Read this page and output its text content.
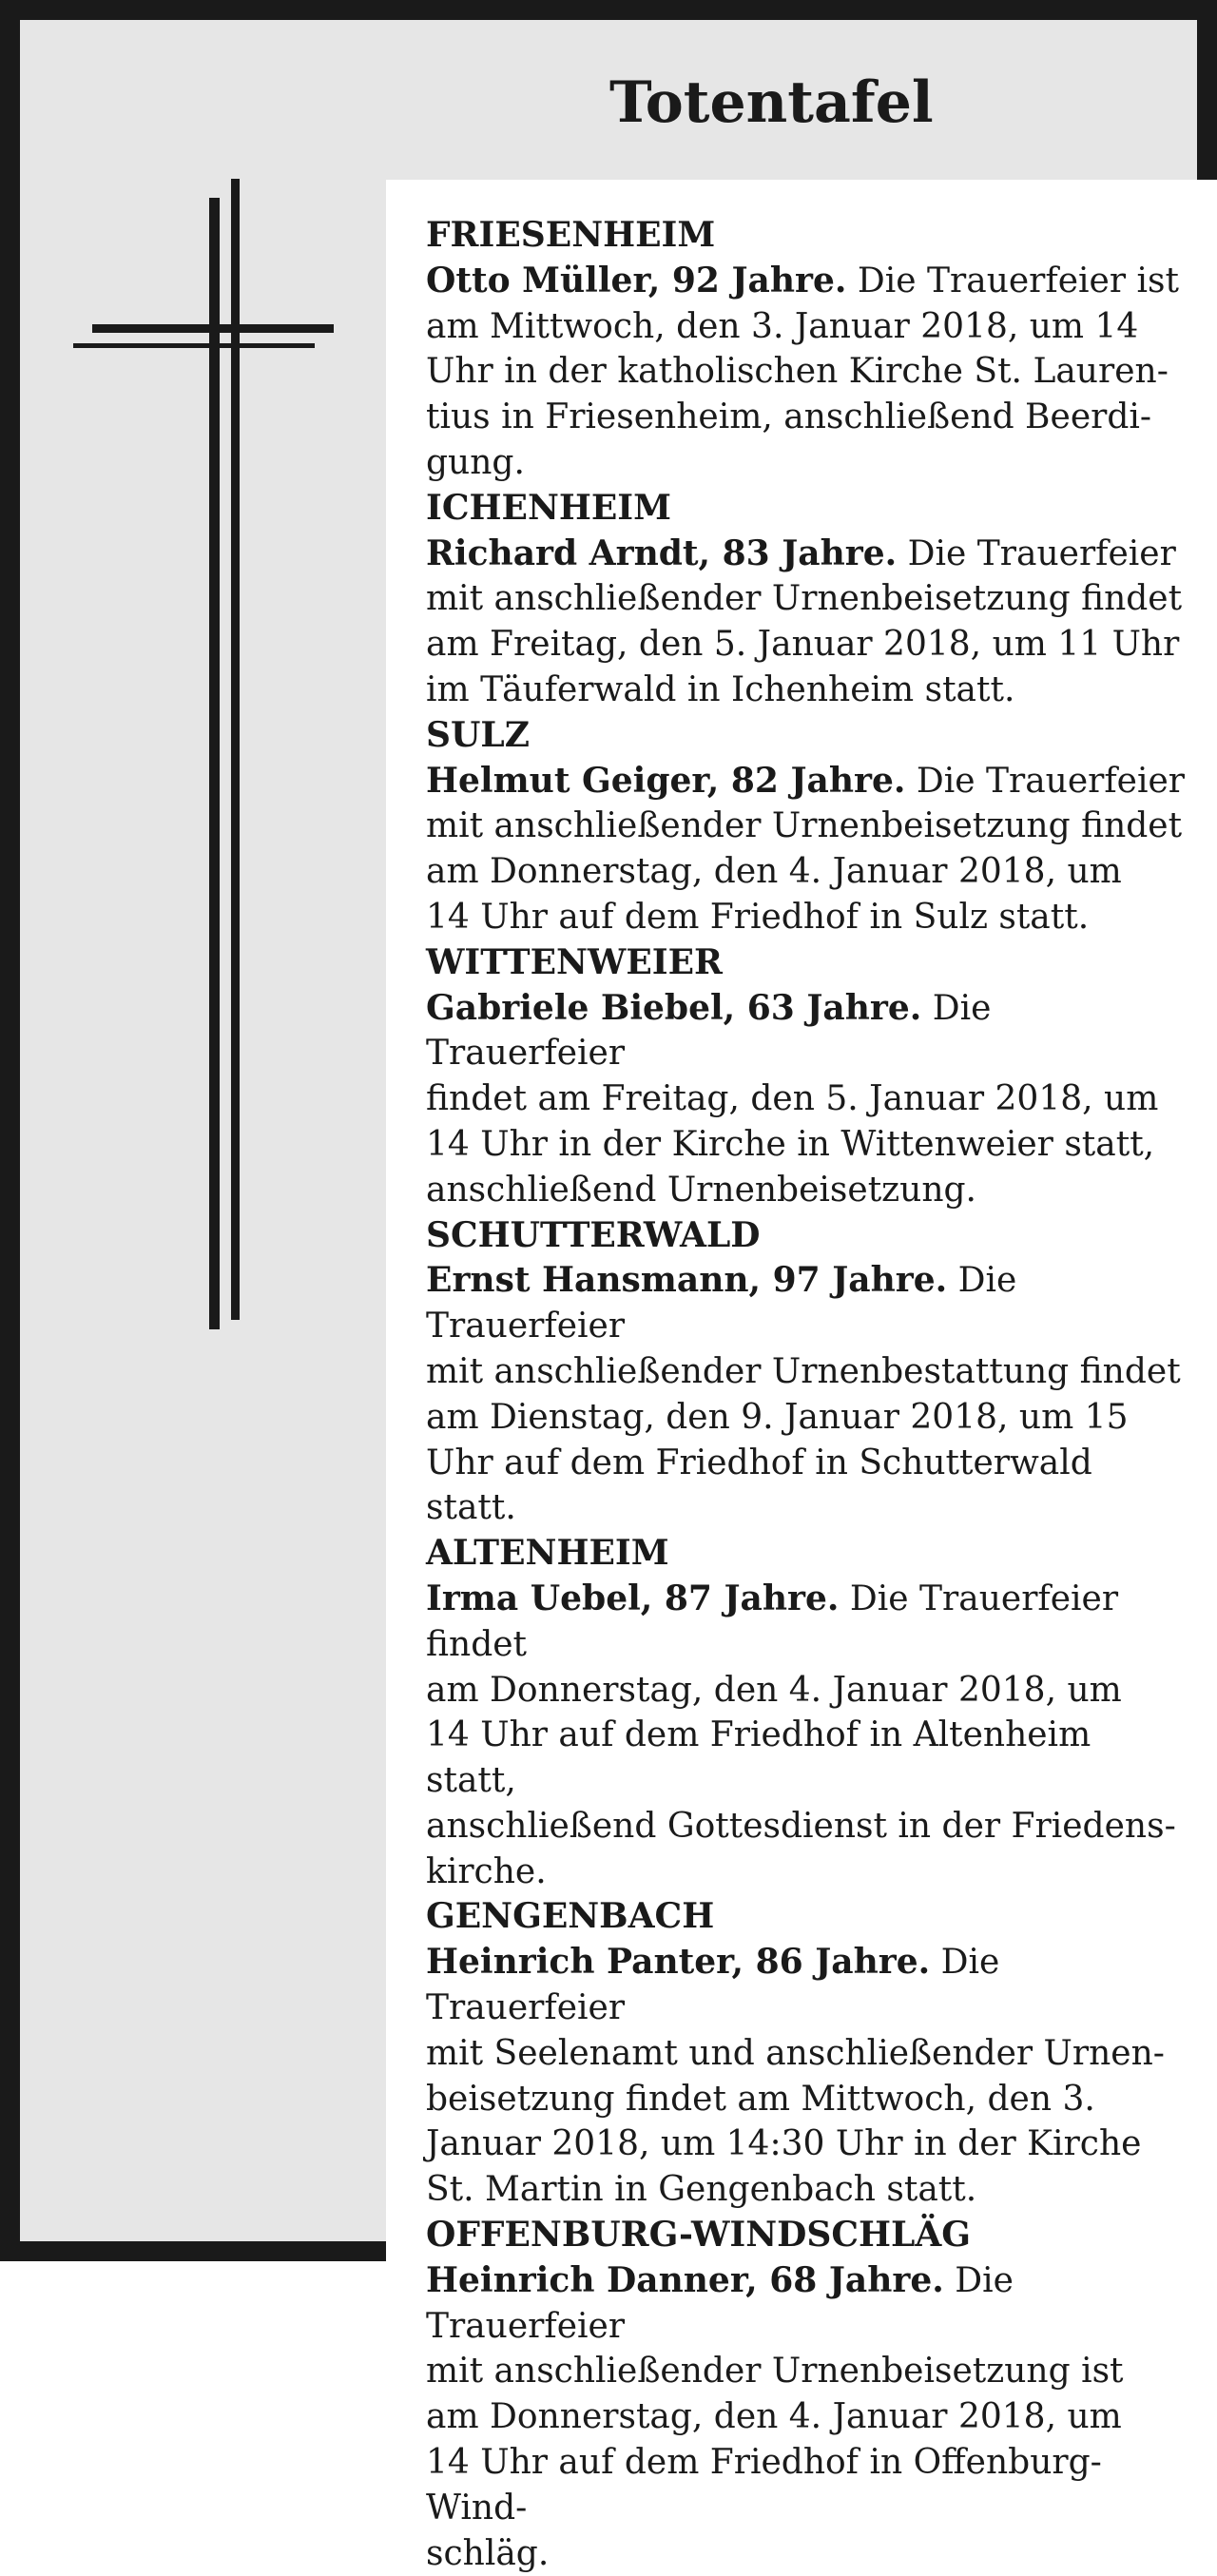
Totentafel
FRIESENHEIM
Otto Müller, 92 Jahre. Die Trauerfeier ist
am Mittwoch, den 3. Januar 2018, um 14
Uhr in der katholischen Kirche St. Lauren-
tius in Friesenheim, anschließend Beerdi-
gung.
ICHENHEIM
Richard Arndt, 83 Jahre. Die Trauerfeier
mit anschließender Urnenbeisetzung findet
am Freitag, den 5. Januar 2018, um 11 Uhr
im Täuferwald in Ichenheim statt.
SULZ
Helmut Geiger, 82 Jahre. Die Trauerfeier
mit anschließender Urnenbeisetzung findet
am Donnerstag, den 4. Januar 2018, um
14 Uhr auf dem Friedhof in Sulz statt.
WITTENWEIER
Gabriele Biebel, 63 Jahre. Die Trauerfeier
findet am Freitag, den 5. Januar 2018, um
14 Uhr in der Kirche in Wittenweier statt,
anschließend Urnenbeisetzung.
SCHUTTERWALD
Ernst Hansmann, 97 Jahre. Die Trauerfeier
mit anschließender Urnenbestattung findet
am Dienstag, den 9. Januar 2018, um 15
Uhr auf dem Friedhof in Schutterwald statt.
ALTENHEIM
Irma Uebel, 87 Jahre. Die Trauerfeier findet
am Donnerstag, den 4. Januar 2018, um
14 Uhr auf dem Friedhof in Altenheim statt,
anschließend Gottesdienst in der Friedens-
kirche.
GENGENBACH
Heinrich Panter, 86 Jahre. Die Trauerfeier
mit Seelenamt und anschließender Urnen-
beisetzung findet am Mittwoch, den 3.
Januar 2018, um 14:30 Uhr in der Kirche
St. Martin in Gengenbach statt.
OFFENBURG-WINDSCHLÄG
Heinrich Danner, 68 Jahre. Die Trauerfeier
mit anschließender Urnenbeisetzung ist
am Donnerstag, den 4. Januar 2018, um
14 Uhr auf dem Friedhof in Offenburg-Wind-
schläg.
